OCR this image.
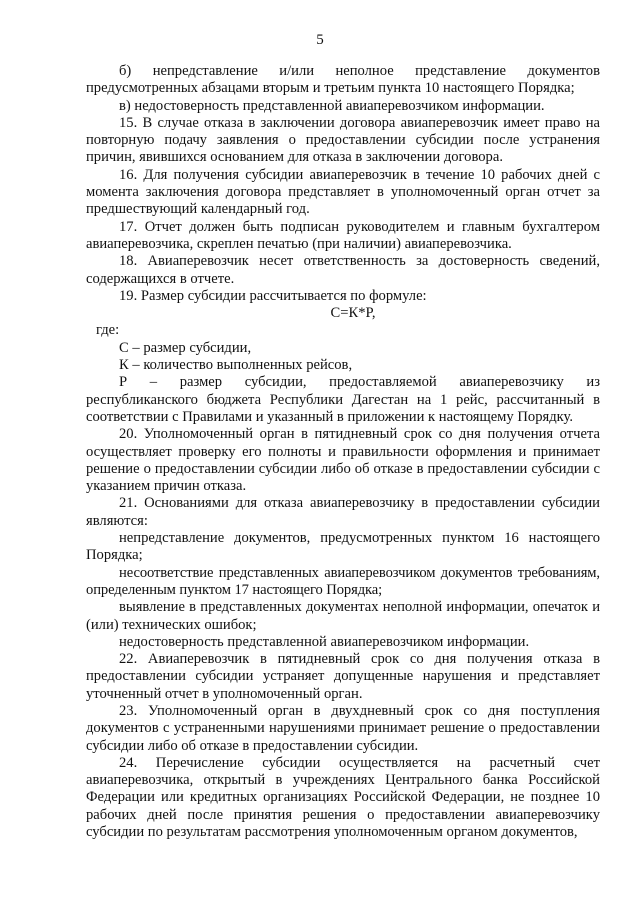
5

б) непредставление и/или неполное представление документов предусмотренных абзацами вторым и третьим пункта 10 настоящего Порядка;

в) недостоверность представленной авиаперевозчиком информации.

15. В случае отказа в заключении договора авиаперевозчик имеет право на повторную подачу заявления о предоставлении субсидии после устранения причин, явившихся основанием для отказа в заключении договора.

16. Для получения субсидии авиаперевозчик в течение 10 рабочих дней с момента заключения договора представляет в уполномоченный орган отчет за предшествующий календарный год.

17. Отчет должен быть подписан руководителем и главным бухгалтером авиаперевозчика, скреплен печатью (при наличии) авиаперевозчика.

18. Авиаперевозчик несет ответственность за достоверность сведений, содержащихся в отчете.

19. Размер субсидии рассчитывается по формуле:

С=К*Р,

где:

С – размер субсидии,

К – количество выполненных рейсов,

Р – размер субсидии, предоставляемой авиаперевозчику из республиканского бюджета Республики Дагестан на 1 рейс, рассчитанный в соответствии с Правилами и указанный в приложении к настоящему Порядку.

20. Уполномоченный орган в пятидневный срок со дня получения отчета осуществляет проверку его полноты и правильности оформления и принимает решение о предоставлении субсидии либо об отказе в предоставлении субсидии с указанием причин отказа.

21. Основаниями для отказа авиаперевозчику в предоставлении субсидии являются:

непредставление документов, предусмотренных пунктом 16 настоящего Порядка;

несоответствие представленных авиаперевозчиком документов требованиям, определенным пунктом 17 настоящего Порядка;

выявление в представленных документах неполной информации, опечаток и (или) технических ошибок;

недостоверность представленной авиаперевозчиком информации.

22. Авиаперевозчик в пятидневный срок со дня получения отказа в предоставлении субсидии устраняет допущенные нарушения и представляет уточненный отчет в уполномоченный орган.

23. Уполномоченный орган в двухдневный срок со дня поступления документов с устраненными нарушениями принимает решение о предоставлении субсидии либо об отказе в предоставлении субсидии.

24. Перечисление субсидии осуществляется на расчетный счет авиаперевозчика, открытый в учреждениях Центрального банка Российской Федерации или кредитных организациях Российской Федерации, не позднее 10 рабочих дней после принятия решения о предоставлении авиаперевозчику субсидии по результатам рассмотрения уполномоченным органом документов,
